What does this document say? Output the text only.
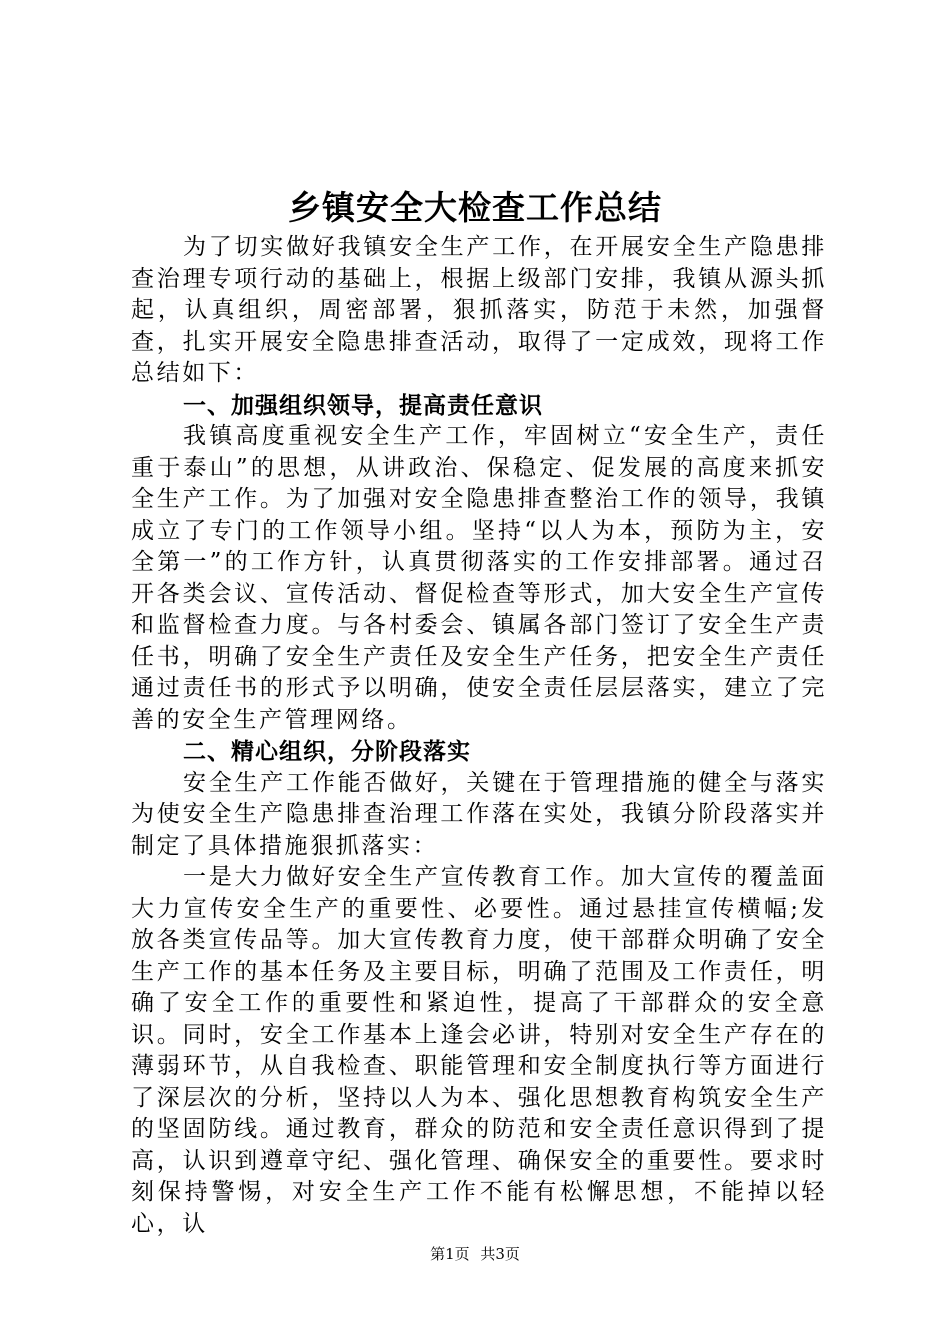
乡镇安全大检查工作总结

为了切实做好我镇安全生产工作，在开展安全生产隐患排查治理专项行动的基础上，根据上级部门安排，我镇从源头抓起，认真组织，周密部署，狠抓落实，防范于未然，加强督查，扎实开展安全隐患排查活动，取得了一定成效，现将工作总结如下：

一、加强组织领导，提高责任意识

我镇高度重视安全生产工作，牢固树立“安全生产，责任重于泰山”的思想，从讲政治、保稳定、促发展的高度来抓安全生产工作。为了加强对安全隐患排查整治工作的领导，我镇成立了专门的工作领导小组。坚持“以人为本，预防为主，安全第一”的工作方针，认真贯彻落实的工作安排部署。通过召开各类会议、宣传活动、督促检查等形式，加大安全生产宣传和监督检查力度。与各村委会、镇属各部门签订了安全生产责任书，明确了安全生产责任及安全生产任务，把安全生产责任通过责任书的形式予以明确，使安全责任层层落实，建立了完善的安全生产管理网络。

二、精心组织，分阶段落实

安全生产工作能否做好，关键在于管理措施的健全与落实为使安全生产隐患排查治理工作落在实处，我镇分阶段落实并制定了具体措施狠抓落实：

一是大力做好安全生产宣传教育工作。加大宣传的覆盖面大力宣传安全生产的重要性、必要性。通过悬挂宣传横幅;发放各类宣传品等。加大宣传教育力度，使干部群众明确了安全生产工作的基本任务及主要目标，明确了范围及工作责任，明确了安全工作的重要性和紧迫性，提高了干部群众的安全意识。同时，安全工作基本上逢会必讲，特别对安全生产存在的薄弱环节，从自我检查、职能管理和安全制度执行等方面进行了深层次的分析，坚持以人为本、强化思想教育构筑安全生产的坚固防线。通过教育，群众的防范和安全责任意识得到了提高，认识到遵章守纪、强化管理、确保安全的重要性。要求时刻保持警惕，对安全生产工作不能有松懈思想，不能掉以轻心，认

第1页 共3页
